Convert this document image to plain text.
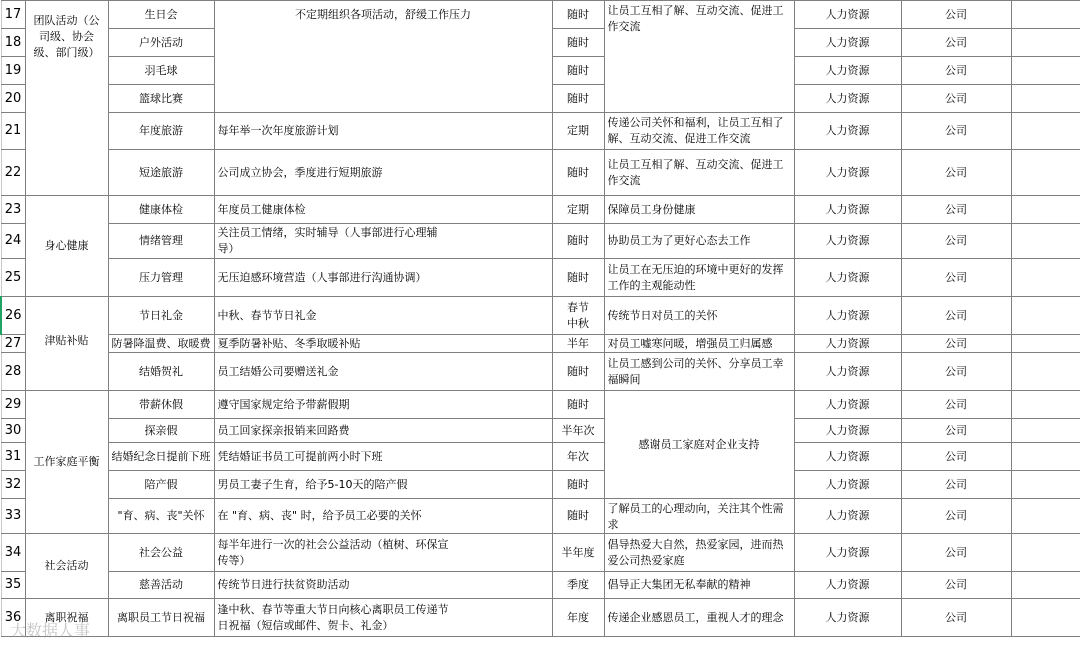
17	团队活动（公司级、协会级、部门级）	生日会	不定期组织各项活动，舒缓工作压力	随时	让员工互相了解、互动交流、促进工作交流	人力资源	公司	
18		户外活动		随时		人力资源	公司	
19		羽毛球		随时		人力资源	公司	
20		篮球比赛		随时		人力资源	公司	
21		年度旅游	每年举一次年度旅游计划	定期	传递公司关怀和福利，让员工互相了解、互动交流、促进工作交流	人力资源	公司	
22		短途旅游	公司成立协会，季度进行短期旅游	随时	让员工互相了解、互动交流、促进工作交流	人力资源	公司	
23	身心健康	健康体检	年度员工健康体检	定期	保障员工身份健康	人力资源	公司	
24		情绪管理	关注员工情绪，实时辅导（人事部进行心理辅导）	随时	协助员工为了更好心态去工作	人力资源	公司	
25		压力管理	无压迫感环境营造（人事部进行沟通协调）	随时	让员工在无压迫的环境中更好的发挥工作的主观能动性	人力资源	公司	
26	津贴补贴	节日礼金	中秋、春节节日礼金	春节中秋	传统节日对员工的关怀	人力资源	公司	
27		防暑降温费、取暖费	夏季防暑补贴、冬季取暖补贴	半年	对员工嘘寒问暖，增强员工归属感	人力资源	公司	
28		结婚贺礼	员工结婚公司要赠送礼金	随时	让员工感到公司的关怀、分享员工幸福瞬间	人力资源	公司	
29	工作家庭平衡	带薪休假	遵守国家规定给予带薪假期	随时	感谢员工家庭对企业支持	人力资源	公司	
30		探亲假	员工回家探亲报销来回路费	半年次		人力资源	公司	
31		结婚纪念日提前下班	凭结婚证书员工可提前两小时下班	年次		人力资源	公司	
32		陪产假	男员工妻子生育，给予5-10天的陪产假	随时		人力资源	公司	
33		"育、病、丧"关怀	在 "育、病、丧" 时，给予员工必要的关怀	随时	了解员工的心理动向，关注其个性需求	人力资源	公司	
34	社会活动	社会公益	每半年进行一次的社会公益活动（植树、环保宣传等）	半年度	倡导热爱大自然，热爱家园，进而热爱公司热爱家庭	人力资源	公司	
35		慈善活动	传统节日进行扶贫资助活动	季度	倡导正大集团无私奉献的精神	人力资源	公司	
36	离职祝福	离职员工节日祝福	逢中秋、春节等重大节日向核心离职员工传递节日祝福（短信或邮件、贺卡、礼金）	年度	传递企业感恩员工，重视人才的理念	人力资源	公司	
大数据人事
